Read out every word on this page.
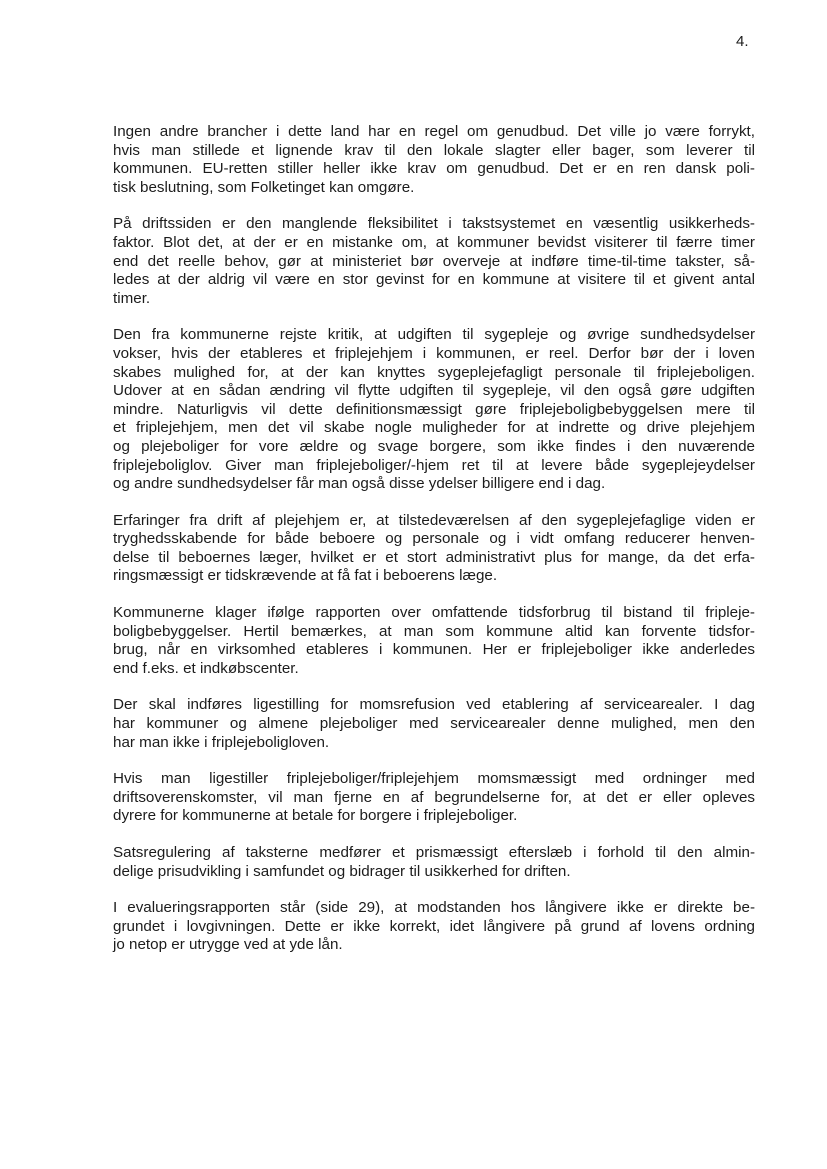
4.

Ingen andre brancher i dette land har en regel om genudbud. Det ville jo være forrykt,
hvis man stillede et lignende krav til den lokale slagter eller bager, som leverer til
kommunen. EU-retten stiller heller ikke krav om genudbud. Det er en ren dansk poli-
tisk beslutning, som Folketinget kan omgøre.

På driftssiden er den manglende fleksibilitet i takstsystemet en væsentlig usikkerheds-
faktor. Blot det, at der er en mistanke om, at kommuner bevidst visiterer til færre timer
end det reelle behov, gør at ministeriet bør overveje at indføre time-til-time takster, så-
ledes at der aldrig vil være en stor gevinst for en kommune at visitere til et givent antal
timer.

Den fra kommunerne rejste kritik, at udgiften til sygepleje og øvrige sundhedsydelser
vokser, hvis der etableres et friplejehjem i kommunen, er reel. Derfor bør der i loven
skabes mulighed for, at der kan knyttes sygeplejefagligt personale til friplejeboligen.
Udover at en sådan ændring vil flytte udgiften til sygepleje, vil den også gøre udgiften
mindre. Naturligvis vil dette definitionsmæssigt gøre friplejeboligbebyggelsen mere til
et friplejehjem, men det vil skabe nogle muligheder for at indrette og drive plejehjem
og plejeboliger for vore ældre og svage borgere, som ikke findes i den nuværende
friplejeboliglov. Giver man friplejeboliger/-hjem ret til at levere både sygeplejeydelser
og andre sundhedsydelser får man også disse ydelser billigere end i dag.

Erfaringer fra drift af plejehjem er, at tilstedeværelsen af den sygeplejefaglige viden er
tryghedsskabende for både beboere og personale og i vidt omfang reducerer henven-
delse til beboernes læger, hvilket er et stort administrativt plus for mange, da det erfa-
ringsmæssigt er tidskrævende at få fat i beboerens læge.

Kommunerne klager ifølge rapporten over omfattende tidsforbrug til bistand til fripleje-
boligbebyggelser. Hertil bemærkes, at man som kommune altid kan forvente tidsfor-
brug, når en virksomhed etableres i kommunen. Her er friplejeboliger ikke anderledes
end f.eks. et indkøbscenter.

Der skal indføres ligestilling for momsrefusion ved etablering af servicearealer. I dag
har kommuner og almene plejeboliger med servicearealer denne mulighed, men den
har man ikke i friplejeboligloven.

Hvis man ligestiller friplejeboliger/friplejehjem momsmæssigt med ordninger med
driftsoverenskomster, vil man fjerne en af begrundelserne for, at det er eller opleves
dyrere for kommunerne at betale for borgere i friplejeboliger.

Satsregulering af taksterne medfører et prismæssigt efterslæb i forhold til den almin-
delige prisudvikling i samfundet og bidrager til usikkerhed for driften.

I evalueringsrapporten står (side 29), at modstanden hos långivere ikke er direkte be-
grundet i lovgivningen. Dette er ikke korrekt, idet långivere på grund af lovens ordning
jo netop er utrygge ved at yde lån.
